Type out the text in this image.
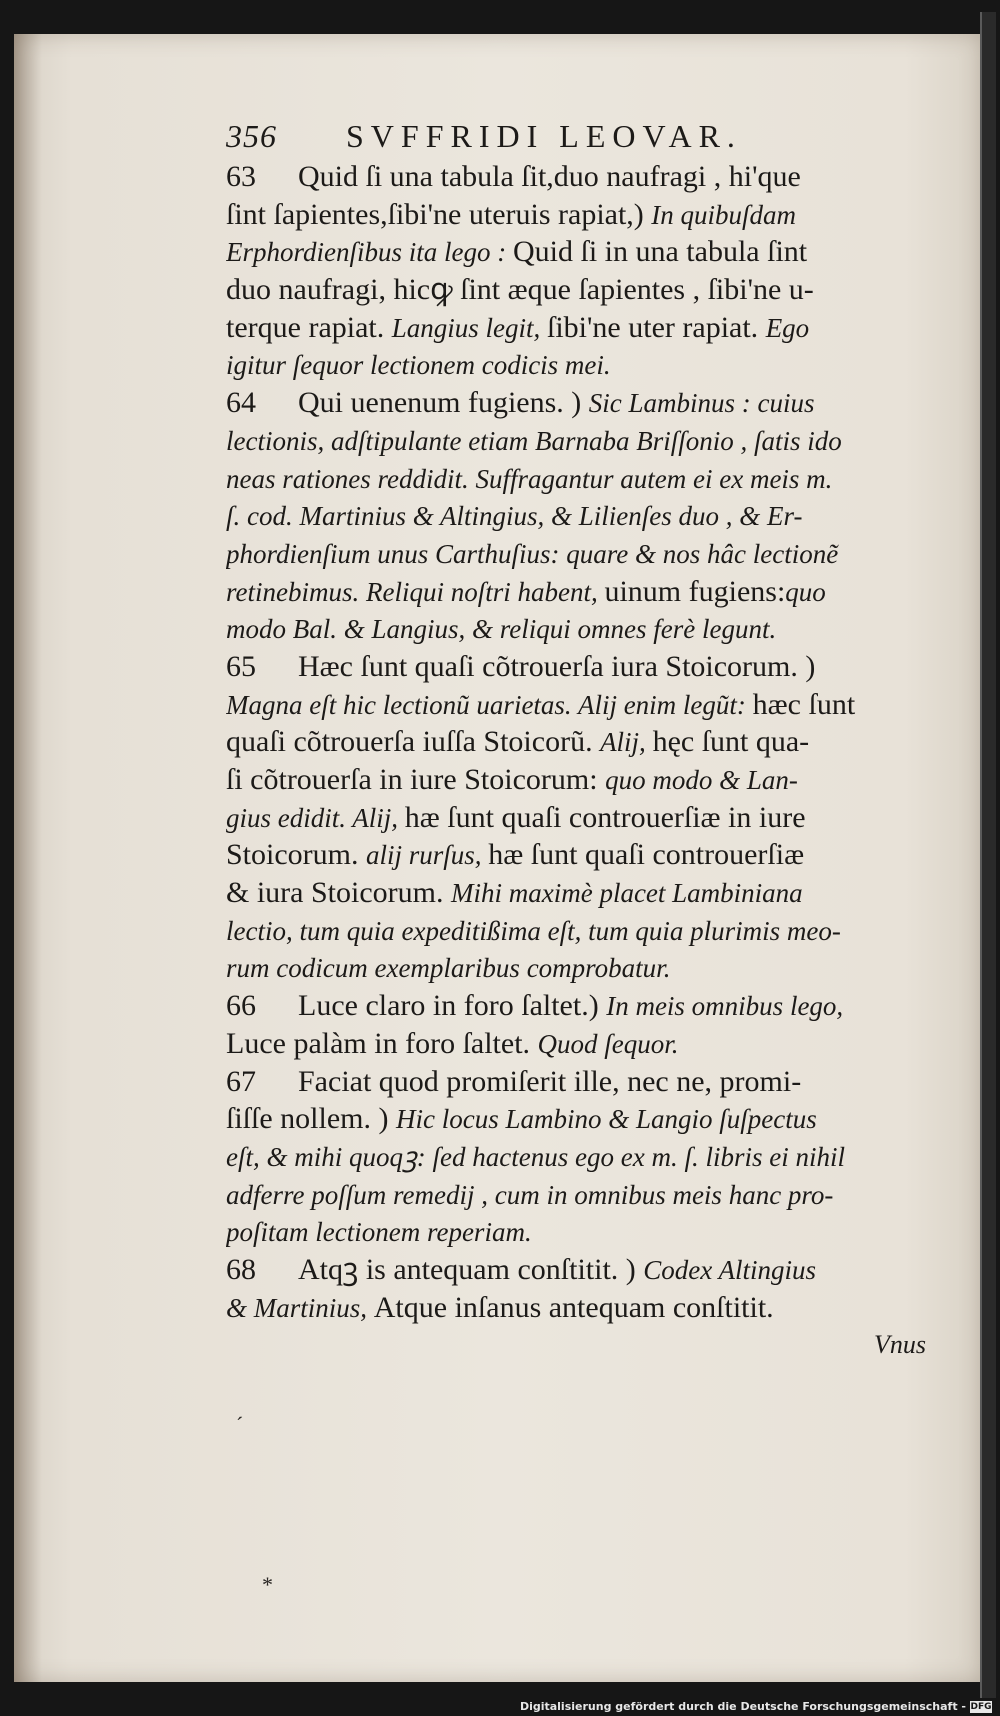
356 SVFFRIDI LEOVAR.
63 Quid ſi una tabula ſit,duo naufragi , hi'que
ſint ſapientes,ſibi'ne uteruis rapiat,) In quibuſdam
Erphordienſibus ita lego : Quid ſi in una tabula ſint
duo naufragi, hicꝙ ſint æque ſapientes , ſibi'ne u-
terque rapiat. Langius legit, ſibi'ne uter rapiat. Ego
igitur ſequor lectionem codicis mei.
64 Qui uenenum fugiens. ) Sic Lambinus : cuius
lectionis, adſtipulante etiam Barnaba Briſſonio , ſatis ido
neas rationes reddidit. Suffragantur autem ei ex meis m.
ſ. cod. Martinius & Altingius, & Lilienſes duo , & Er-
phordienſium unus Carthuſius: quare & nos hâc lectionẽ
retinebimus. Reliqui noſtri habent, uinum fugiens:quo
modo Bal. & Langius, & reliqui omnes ferè legunt.
65 Hæc ſunt quaſi cõtrouerſa iura Stoicorum. )
Magna eſt hic lectionũ uarietas. Alij enim legũt: hæc ſunt
quaſi cõtrouerſa iuſſa Stoicorũ. Alij, hęc ſunt qua-
ſi cõtrouerſa in iure Stoicorum: quo modo & Lan-
gius edidit. Alij, hæ ſunt quaſi controuerſiæ in iure
Stoicorum. alij rurſus, hæ ſunt quaſi controuerſiæ
& iura Stoicorum. Mihi maximè placet Lambiniana
lectio, tum quia expeditißima eſt, tum quia plurimis meo-
rum codicum exemplaribus comprobatur.
66 Luce claro in foro ſaltet.) In meis omnibus lego,
Luce palàm in foro ſaltet. Quod ſequor.
67 Faciat quod promiſerit ille, nec ne, promi-
ſiſſe nollem. ) Hic locus Lambino & Langio ſuſpectus
eſt, & mihi quoqꝫ: ſed hactenus ego ex m. ſ. libris ei nihil
adferre poſſum remedij , cum in omnibus meis hanc pro-
poſitam lectionem reperiam.
68 Atqꝫ is antequam conſtitit. ) Codex Altingius
& Martinius, Atque inſanus antequam conſtitit.
Vnus
ˊ
*
Digitalisierung gefördert durch die Deutsche Forschungsgemeinschaft - DFG
